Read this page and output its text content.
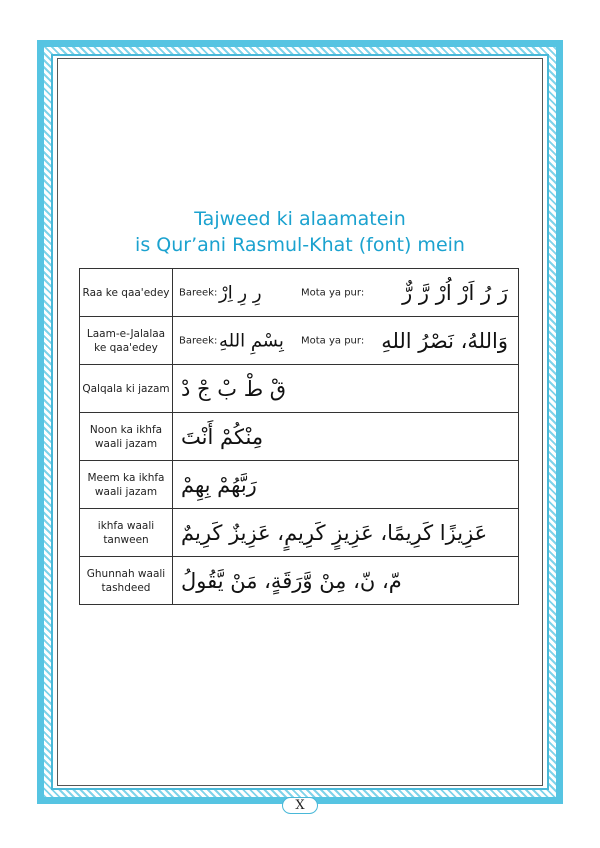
Tajweed ki alaamatein
is Qur’ani Rasmul-Khat (font) mein
Raa ke qaa'edey	Bareek: رِ رِ اِرْ Mota ya pur: رَ رُ اَرْ اُرْ رَّ رٌّ

Laam-e-Jalalaa ke qaa'edey	Bareek: بِسْمِ اللهِ Mota ya pur: وَاللهُ، نَصْرُ اللهِ

Qalqala ki jazam	قْ طْ بْ جْ دْ

Noon ka ikhfa waali jazam	مِنْكُمْ أَنْتَ

Meem ka ikhfa waali jazam	رَبَّهُمْ بِهِمْ

ikhfa waali tanween	عَزِيزًا كَرِيمًا، عَزِيزٍ كَرِيمٍ، عَزِيزٌ كَرِيمٌ

Ghunnah waali tashdeed	مّ، نّ، مِنْ وَّرَقَةٍ، مَنْ يَّقُولُ
X
